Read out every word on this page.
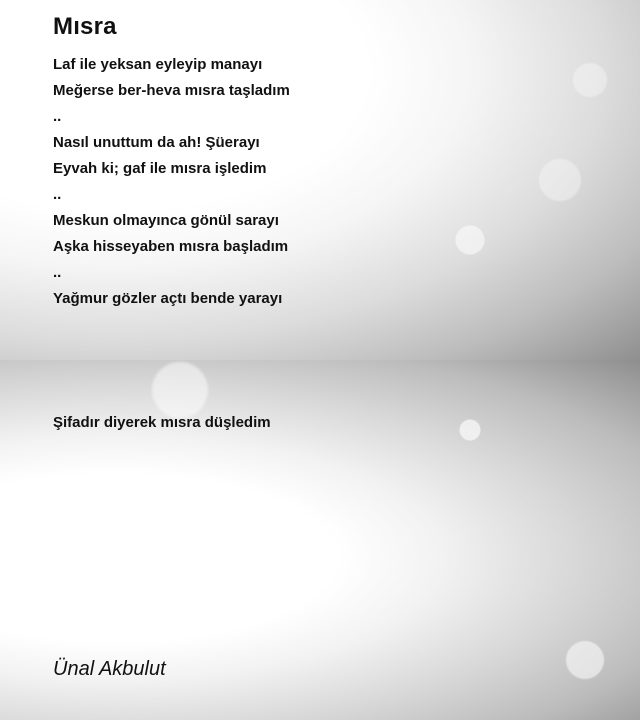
Mısra
Laf ile yeksan eyleyip manayı
Meğerse ber-heva mısra taşladım
..
Nasıl unuttum da ah! Şüerayı
Eyvah ki; gaf ile mısra işledim
..
Meskun olmayınca gönül sarayı
Aşka hisseyaben mısra başladım
..
Yağmur gözler açtı bende yarayı
Şifadır diyerek mısra düşledim
Ünal Akbulut
